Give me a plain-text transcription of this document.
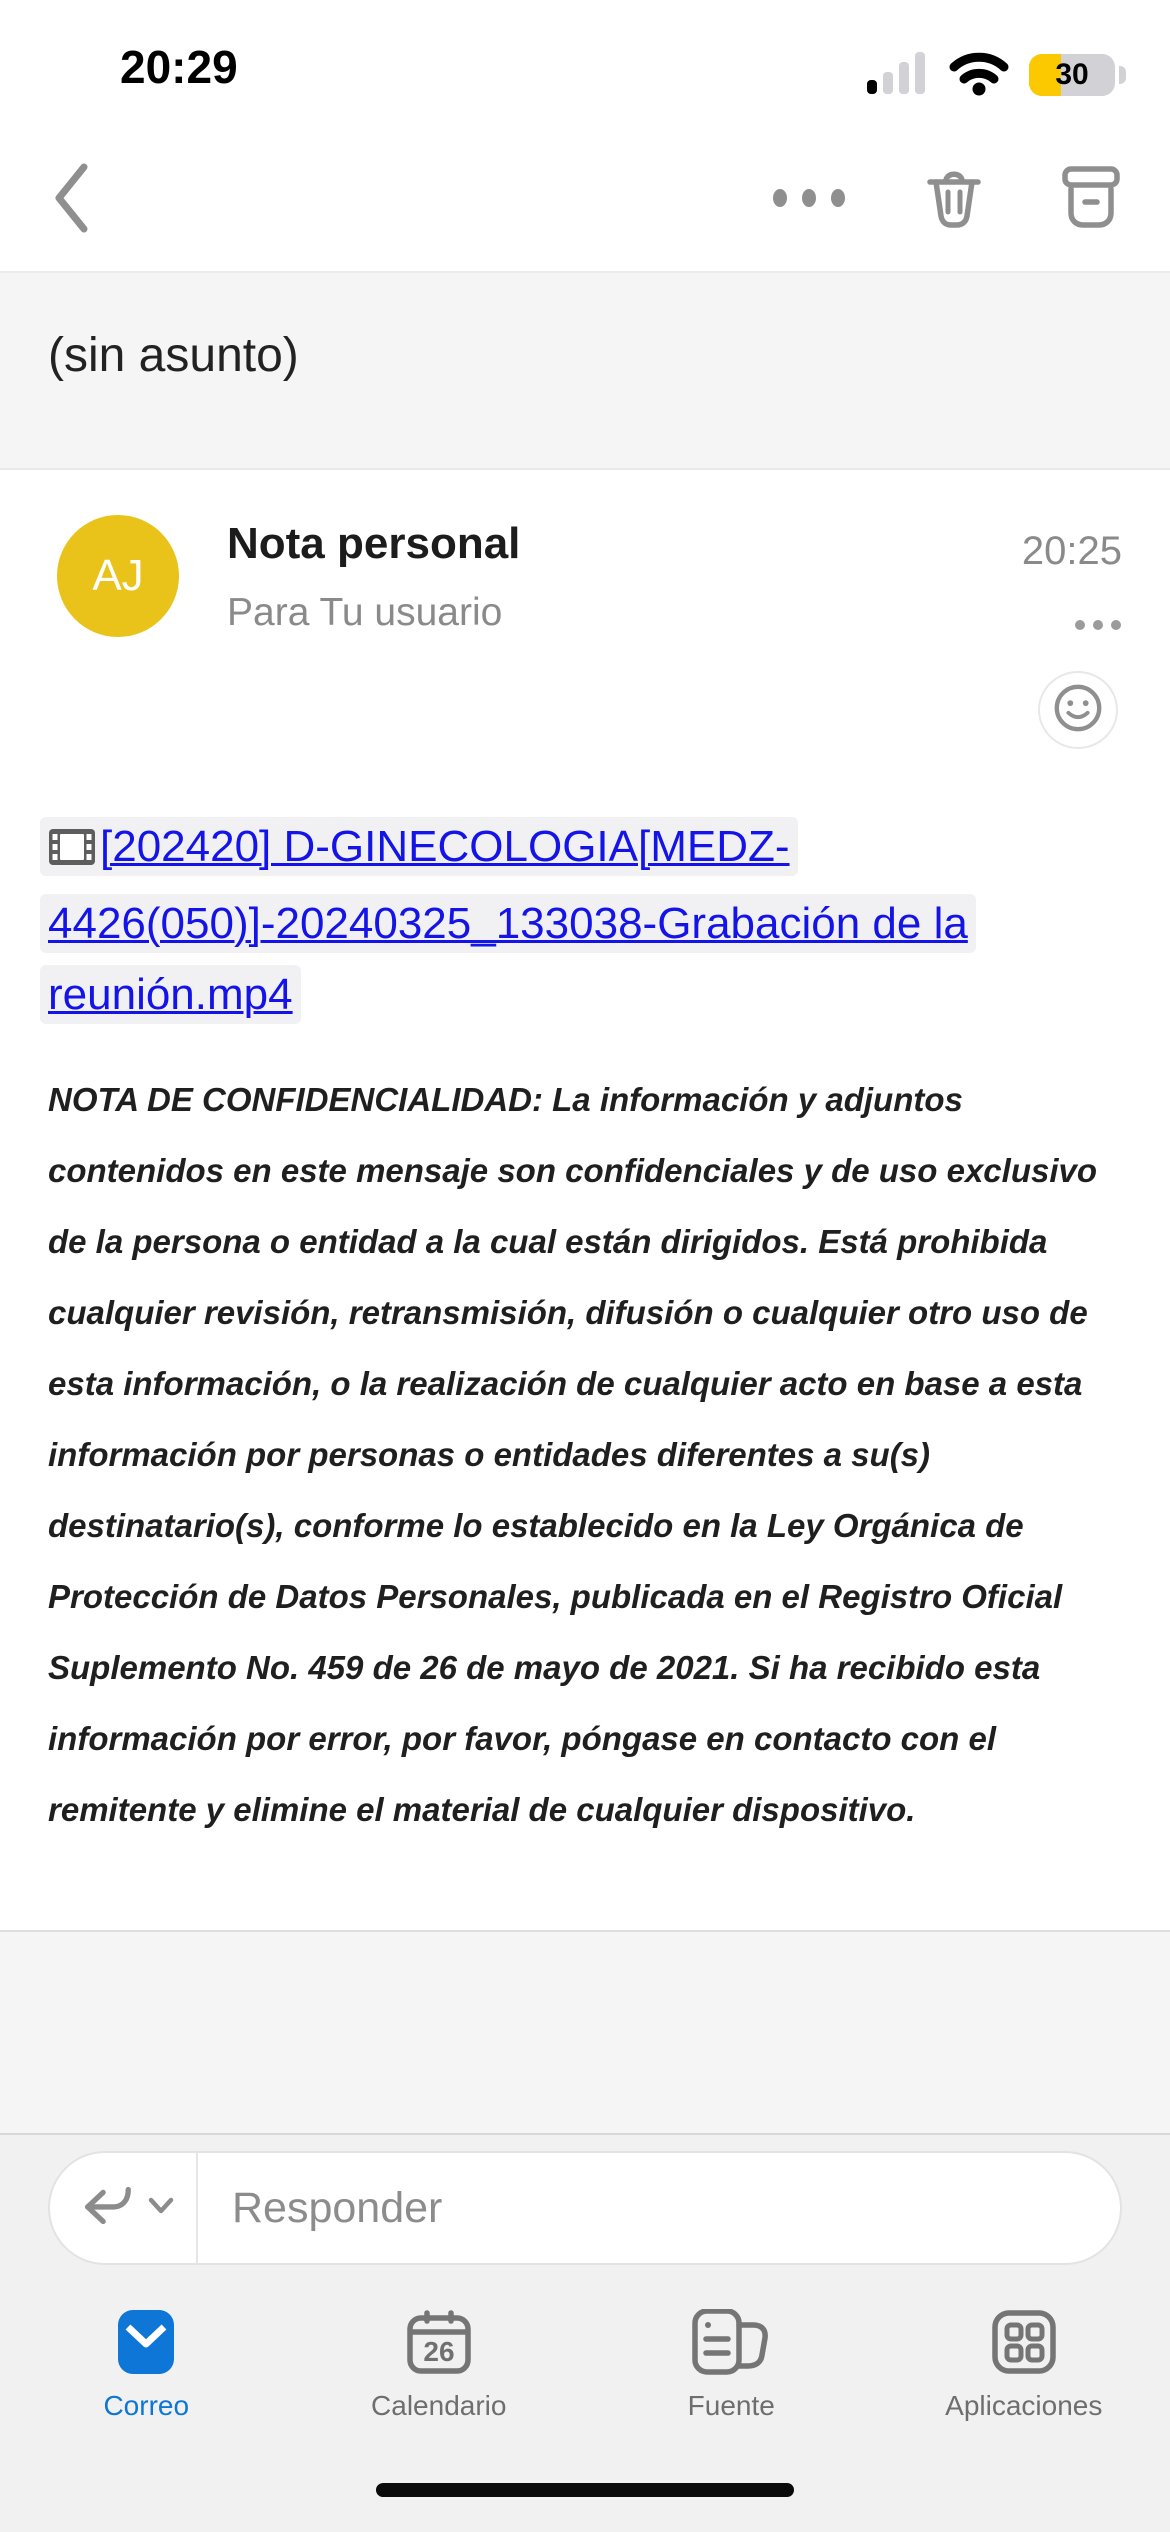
20:29	30
(sin asunto)
AJ
Nota personal
Para Tu usuario
20:25
[202420] D-GINECOLOGIA[MEDZ-4426(050)]-20240325_133038-Grabación de la reunión.mp4

NOTA DE CONFIDENCIALIDAD: La información y adjuntos contenidos en este mensaje son confidenciales y de uso exclusivo de la persona o entidad a la cual están dirigidos. Está prohibida cualquier revisión, retransmisión, difusión o cualquier otro uso de esta información, o la realización de cualquier acto en base a esta información por personas o entidades diferentes a su(s) destinatario(s), conforme lo establecido en la Ley Orgánica de Protección de Datos Personales, publicada en el Registro Oficial Suplemento No. 459 de 26 de mayo de 2021. Si ha recibido esta información por error, por favor, póngase en contacto con el remitente y elimine el material de cualquier dispositivo.

Responder
Correo
26
Calendario	Fuente	Aplicaciones
